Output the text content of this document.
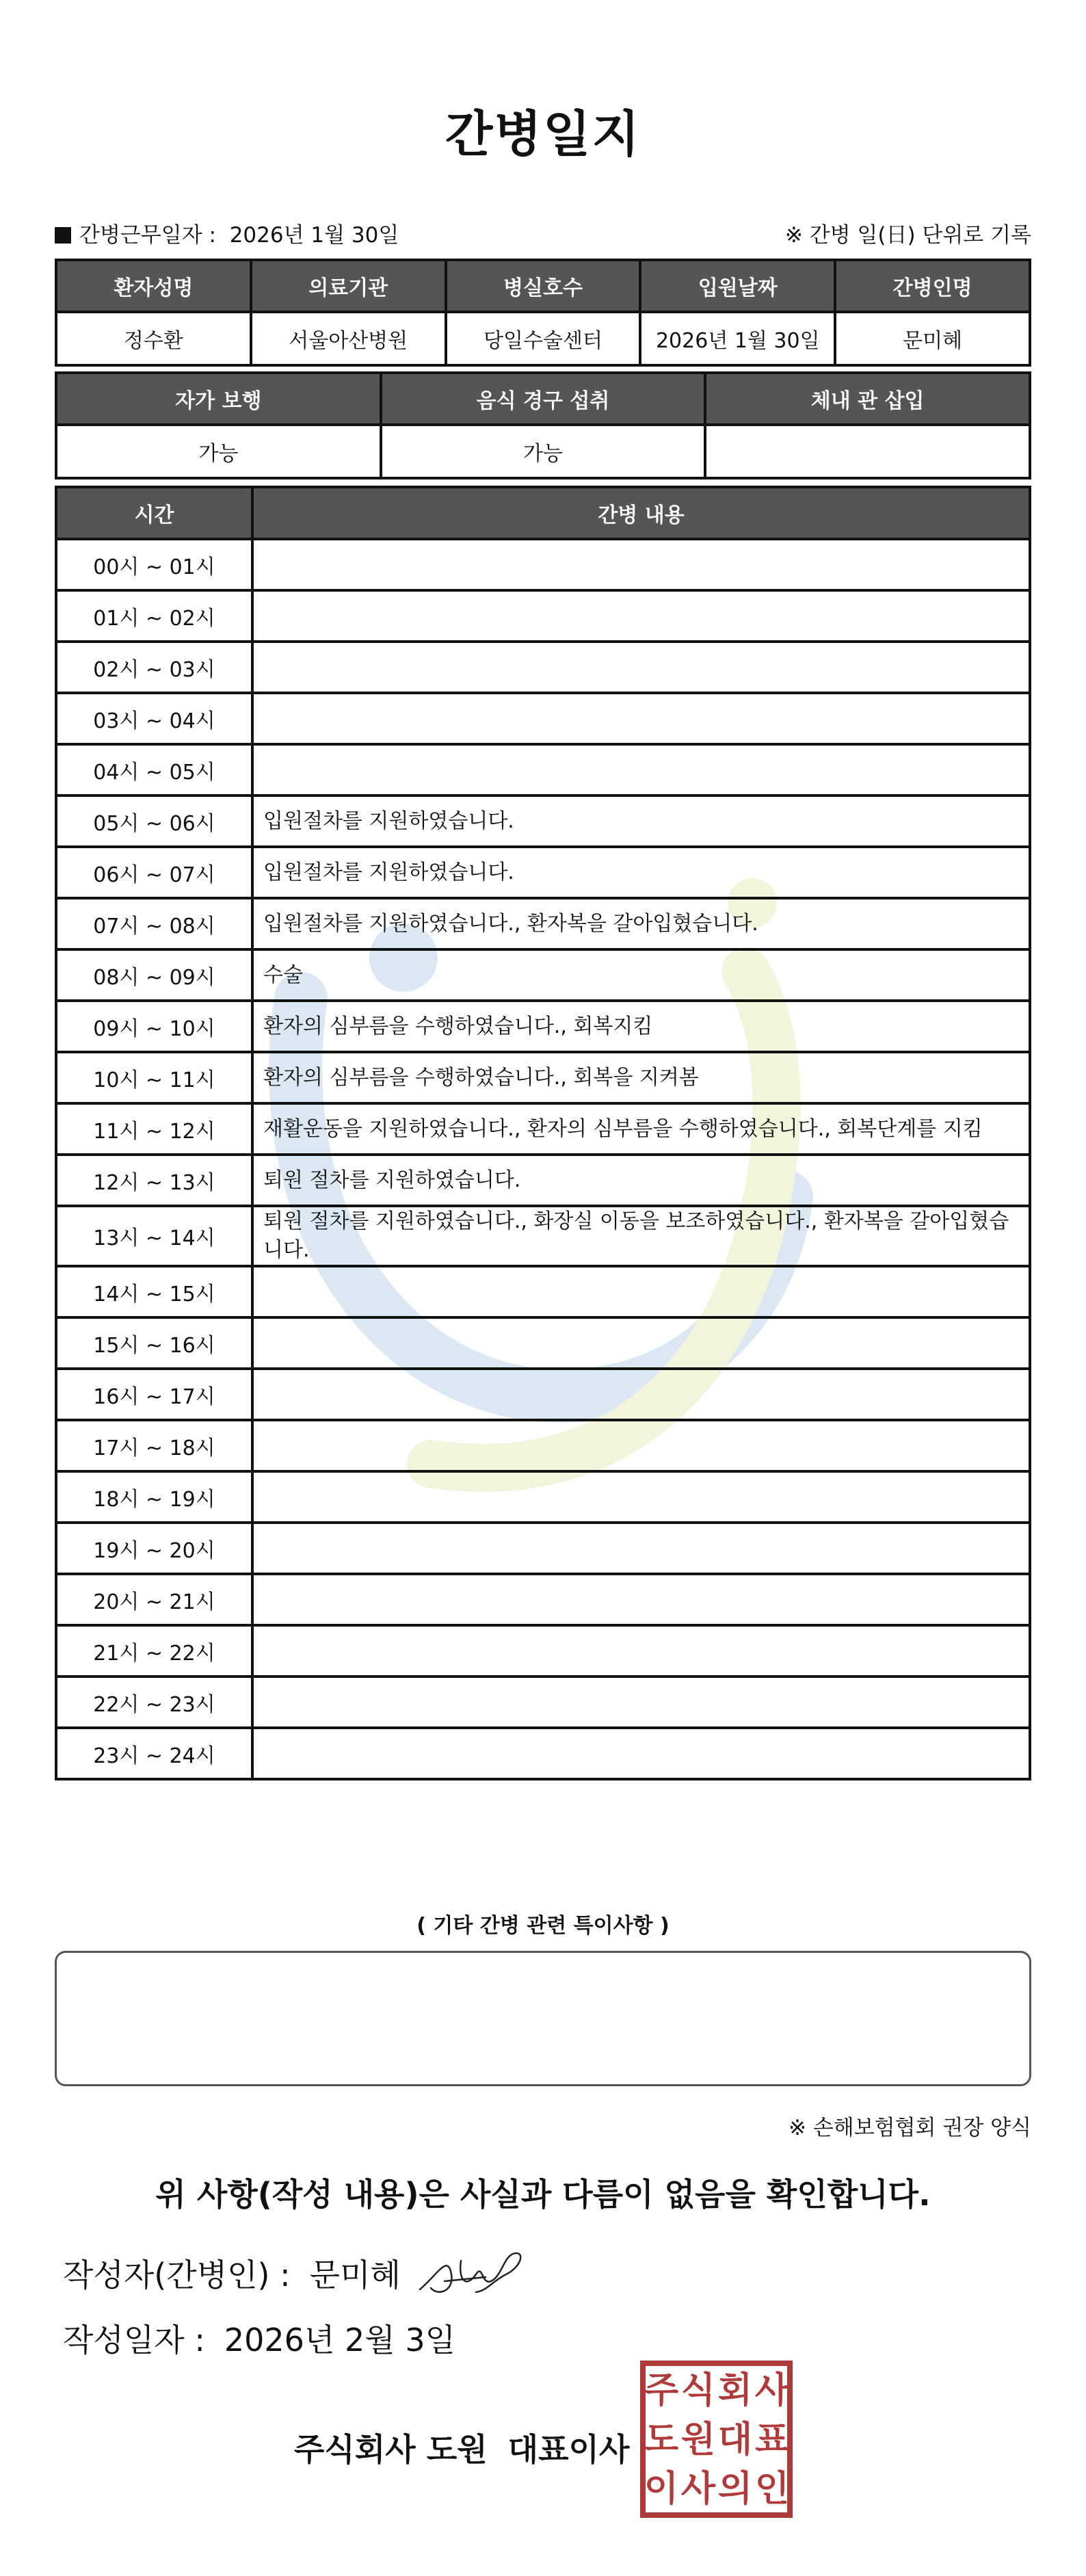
간병일지
간병근무일자 : 2026년 1월 30일	※ 간병 일(日) 단위로 기록
환자성명	의료기관	병실호수	입원날짜	간병인명
정수환	서울아산병원	당일수술센터	2026년 1월 30일	문미혜
자가 보행	음식 경구 섭취	체내 관 삽입
가능	가능	
시간	간병 내용
00시 ~ 01시	
01시 ~ 02시	
02시 ~ 03시	
03시 ~ 04시	
04시 ~ 05시	
05시 ~ 06시	입원절차를 지원하였습니다.
06시 ~ 07시	입원절차를 지원하였습니다.
07시 ~ 08시	입원절차를 지원하였습니다., 환자복을 갈아입혔습니다.
08시 ~ 09시	수술
09시 ~ 10시	환자의 심부름을 수행하였습니다., 회복지킴
10시 ~ 11시	환자의 심부름을 수행하였습니다., 회복을 지켜봄
11시 ~ 12시	재활운동을 지원하였습니다., 환자의 심부름을 수행하였습니다., 회복단계를 지킴
12시 ~ 13시	퇴원 절차를 지원하였습니다.
13시 ~ 14시	퇴원 절차를 지원하였습니다., 화장실 이동을 보조하였습니다., 환자복을 갈아입혔습니다.
14시 ~ 15시	
15시 ~ 16시	
16시 ~ 17시	
17시 ~ 18시	
18시 ~ 19시	
19시 ~ 20시	
20시 ~ 21시	
21시 ~ 22시	
22시 ~ 23시	
23시 ~ 24시	
( 기타 간병 관련 특이사항 )
※ 손해보험협회 권장 양식
위 사항(작성 내용)은 사실과 다름이 없음을 확인합니다.
작성자(간병인) : 문미혜
작성일자 : 2026년 2월 3일
주식회사 도원 대표이사
주 식 회 사
도 원 대 표
이 사 의 인
